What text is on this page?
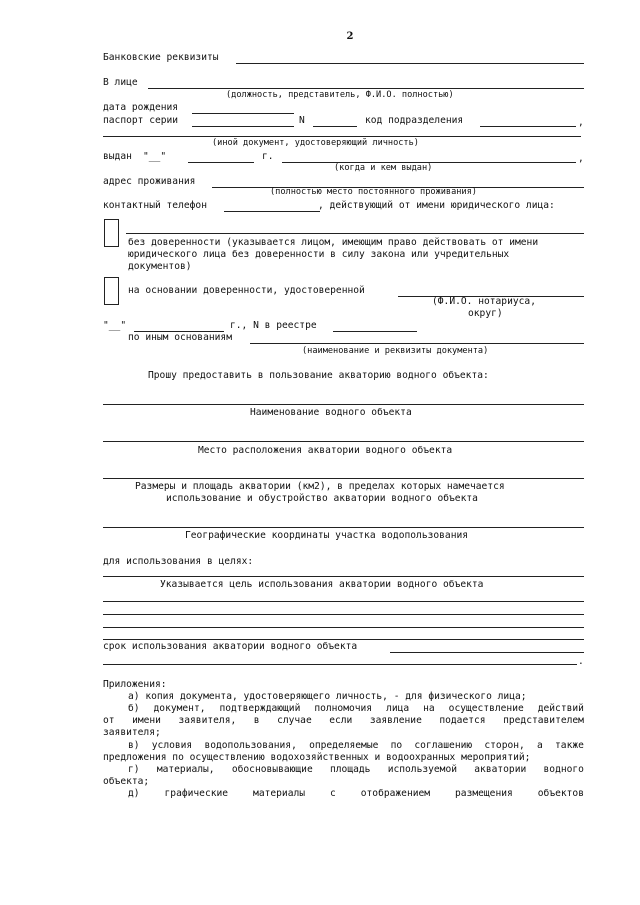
2
Банковские реквизиты
В лице
(должность, представитель, Ф.И.О. полностью)
дата рождения
паспорт серии	N	код подразделения	,
(иной документ, удостоверяющий личность)
выдан "__"	г.	,
(когда и кем выдан)
адрес проживания
(полностью место постоянного проживания)
контактный телефон	, действующий от имени юридического лица:
без доверенности (указывается лицом, имеющим право действовать от имени
юридического лица без доверенности в силу закона или учредительных
документов)
на основании доверенности, удостоверенной
(Ф.И.О. нотариуса,
округ)
"__"	г., N в реестре
по иным основаниям
(наименование и реквизиты документа)
Прошу предоставить в пользование акваторию водного объекта:
Наименование водного объекта
Место расположения акватории водного объекта
Размеры и площадь акватории (км2), в пределах которых намечается
использование и обустройство акватории водного объекта
Географические координаты участка водопользования
для использования в целях:
Указывается цель использования акватории водного объекта
срок использования акватории водного объекта
.
Приложения:
а) копия документа, удостоверяющего личность, - для физического лица;
б) документ, подтверждающий полномочия лица на осуществление действий
от имени заявителя, в случае если заявление подается представителем
заявителя;
в) условия водопользования, определяемые по соглашению сторон, а также
предложения по осуществлению водохозяйственных и водоохранных мероприятий;
г) материалы, обосновывающие площадь используемой акватории водного
объекта;
д)	графические	материалы	с	отображением	размещения	объектов
